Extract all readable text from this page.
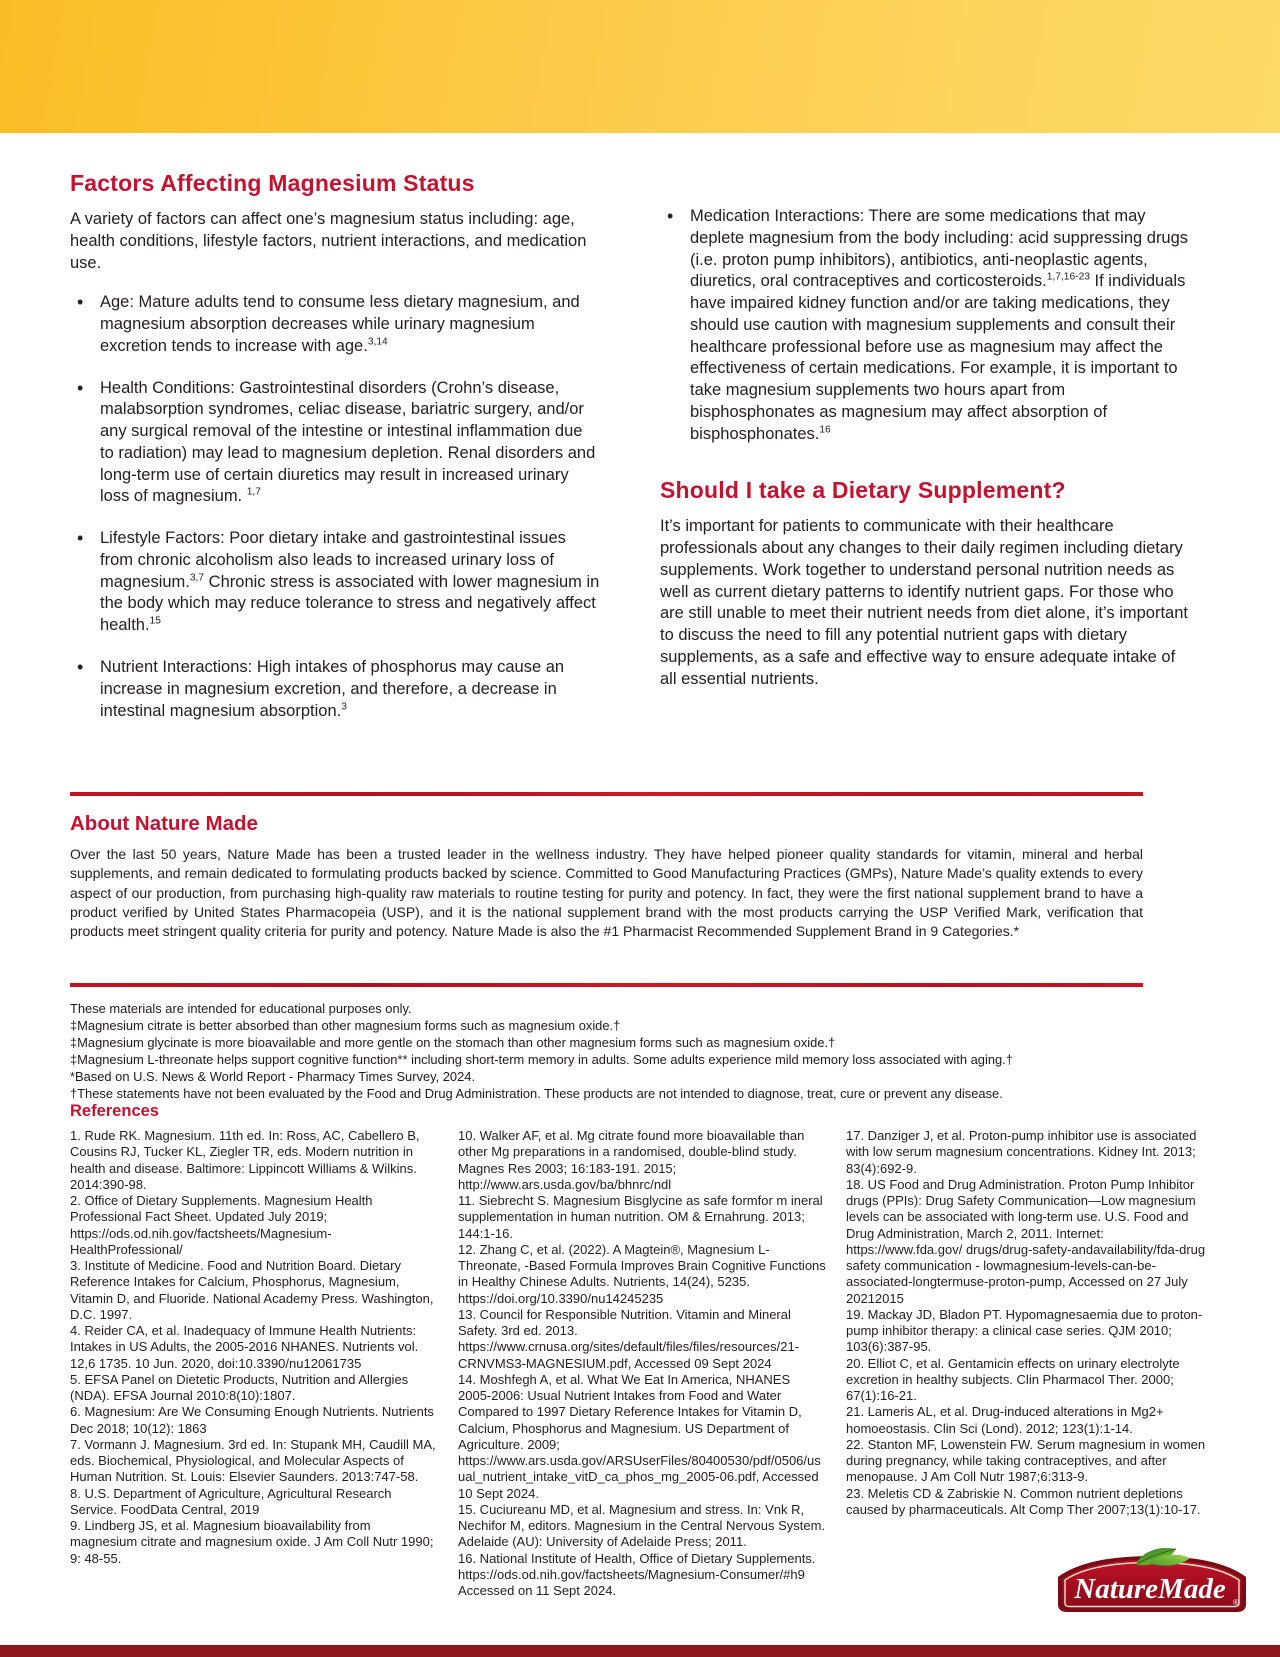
Factors Affecting Magnesium Status

A variety of factors can affect one’s magnesium status including: age, health conditions, lifestyle factors, nutrient interactions, and medication use.

• Age: Mature adults tend to consume less dietary magnesium, and magnesium absorption decreases while urinary magnesium excretion tends to increase with age.$^{3,14}$
• Health Conditions: Gastrointestinal disorders (Crohn’s disease, malabsorption syndromes, celiac disease, bariatric surgery, and/or any surgical removal of the intestine or intestinal inflammation due to radiation) may lead to magnesium depletion. Renal disorders and long-term use of certain diuretics may result in increased urinary loss of magnesium. $^{1,7}$
• Lifestyle Factors: Poor dietary intake and gastrointestinal issues from chronic alcoholism also leads to increased urinary loss of magnesium.$^{3,7}$ Chronic stress is associated with lower magnesium in the body which may reduce tolerance to stress and negatively affect health.$^{15}$
• Nutrient Interactions: High intakes of phosphorus may cause an increase in magnesium excretion, and therefore, a decrease in intestinal magnesium absorption.$^3$
• Medication Interactions: There are some medications that may deplete magnesium from the body including: acid suppressing drugs (i.e. proton pump inhibitors), antibiotics, anti-neoplastic agents, diuretics, oral contraceptives and corticosteroids.$^{1,7,16-23}$ If individuals have impaired kidney function and/or are taking medications, they should use caution with magnesium supplements and consult their healthcare professional before use as magnesium may affect the effectiveness of certain medications. For example, it is important to take magnesium supplements two hours apart from bisphosphonates as magnesium may affect absorption of bisphosphonates.$^{16}$
Should I take a Dietary Supplement?

It’s important for patients to communicate with their healthcare professionals about any changes to their daily regimen including dietary supplements. Work together to understand personal nutrition needs as well as current dietary patterns to identify nutrient gaps. For those who are still unable to meet their nutrient needs from diet alone, it’s important to discuss the need to fill any potential nutrient gaps with dietary supplements, as a safe and effective way to ensure adequate intake of all essential nutrients.

About Nature Made

Over the last 50 years, Nature Made has been a trusted leader in the wellness industry. They have helped pioneer quality standards for vitamin, mineral and herbal supplements, and remain dedicated to formulating products backed by science. Committed to Good Manufacturing Practices (GMPs), Nature Made’s quality extends to every aspect of our production, from purchasing high-quality raw materials to routine testing for purity and potency. In fact, they were the first national supplement brand to have a product verified by United States Pharmacopeia (USP), and it is the national supplement brand with the most products carrying the USP Verified Mark, verification that products meet stringent quality criteria for purity and potency. Nature Made is also the #1 Pharmacist Recommended Supplement Brand in 9 Categories.*

These materials are intended for educational purposes only.

‡Magnesium citrate is better absorbed than other magnesium forms such as magnesium oxide.†

‡Magnesium glycinate is more bioavailable and more gentle on the stomach than other magnesium forms such as magnesium oxide.†

‡Magnesium L-threonate helps support cognitive function** including short-term memory in adults. Some adults experience mild memory loss associated with aging.†

*Based on U.S. News & World Report - Pharmacy Times Survey, 2024.

†These statements have not been evaluated by the Food and Drug Administration. These products are not intended to diagnose, treat, cure or prevent any disease.

References

1. Rude RK. Magnesium. 11th ed. In: Ross, AC, Cabellero B, Cousins RJ, Tucker KL, Ziegler TR, eds. Modern nutrition in health and disease. Baltimore: Lippincott Williams & Wilkins. 2014:390-98.

2. Office of Dietary Supplements. Magnesium Health Professional Fact Sheet. Updated July 2019; https://ods.od.nih.gov/factsheets/Magnesium-HealthProfessional/

3. Institute of Medicine. Food and Nutrition Board. Dietary Reference Intakes for Calcium, Phosphorus, Magnesium, Vitamin D, and Fluoride. National Academy Press. Washington, D.C. 1997.

4. Reider CA, et al. Inadequacy of Immune Health Nutrients: Intakes in US Adults, the 2005-2016 NHANES. Nutrients vol. 12,6 1735. 10 Jun. 2020, doi:10.3390/nu12061735

5. EFSA Panel on Dietetic Products, Nutrition and Allergies (NDA). EFSA Journal 2010:8(10):1807.

6. Magnesium: Are We Consuming Enough Nutrients. Nutrients Dec 2018; 10(12): 1863

7. Vormann J. Magnesium. 3rd ed. In: Stupank MH, Caudill MA, eds. Biochemical, Physiological, and Molecular Aspects of Human Nutrition. St. Louis: Elsevier Saunders. 2013:747-58.

8. U.S. Department of Agriculture, Agricultural Research Service. FoodData Central, 2019

9. Lindberg JS, et al. Magnesium bioavailability from magnesium citrate and magnesium oxide. J Am Coll Nutr 1990; 9: 48-55.

10. Walker AF, et al. Mg citrate found more bioavailable than other Mg preparations in a randomised, double-blind study. Magnes Res 2003; 16:183-191. 2015; http://www.ars.usda.gov/ba/bhnrc/ndl

11. Siebrecht S. Magnesium Bisglycine as safe formfor m ineral supplementation in human nutrition. OM & Ernahrung. 2013; 144:1-16.

12. Zhang C, et al. (2022). A Magtein®, Magnesium L-Threonate, -Based Formula Improves Brain Cognitive Functions in Healthy Chinese Adults. Nutrients, 14(24), 5235. https://doi.org/10.3390/nu14245235

13. Council for Responsible Nutrition. Vitamin and Mineral Safety. 3rd ed. 2013. https://www.crnusa.org/sites/default/files/files/resources/21-CRNVMS3-MAGNESIUM.pdf, Accessed 09 Sept 2024

14. Moshfegh A, et al. What We Eat In America, NHANES 2005-2006: Usual Nutrient Intakes from Food and Water Compared to 1997 Dietary Reference Intakes for Vitamin D, Calcium, Phosphorus and Magnesium. US Department of Agriculture. 2009; https://www.ars.usda.gov/ARSUserFiles/80400530/pdf/0506/usual_nutrient_intake_vitD_ca_phos_mg_2005-06.pdf, Accessed 10 Sept 2024.

15. Cuciureanu MD, et al. Magnesium and stress. In: Vnk R, Nechifor M, editors. Magnesium in the Central Nervous System. Adelaide (AU): University of Adelaide Press; 2011.

16. National Institute of Health, Office of Dietary Supplements. https://ods.od.nih.gov/factsheets/Magnesium-Consumer/#h9 Accessed on 11 Sept 2024.

17. Danziger J, et al. Proton-pump inhibitor use is associated with low serum magnesium concentrations. Kidney Int. 2013; 83(4):692-9.

18. US Food and Drug Administration. Proton Pump Inhibitor drugs (PPIs): Drug Safety Communication—Low magnesium levels can be associated with long-term use. U.S. Food and Drug Administration, March 2, 2011. Internet: https://www.fda.gov/ drugs/drug-safety-andavailability/fda-drug safety communication - lowmagnesium-levels-can-be-associated-longtermuse-proton-pump, Accessed on 27 July 20212015

19. Mackay JD, Bladon PT. Hypomagnesaemia due to proton-pump inhibitor therapy: a clinical case series. QJM 2010; 103(6):387-95.

20. Elliot C, et al. Gentamicin effects on urinary electrolyte excretion in healthy subjects. Clin Pharmacol Ther. 2000; 67(1):16-21.

21. Lameris AL, et al. Drug-induced alterations in Mg2+ homoeostasis. Clin Sci (Lond). 2012; 123(1):1-14.

22. Stanton MF, Lowenstein FW. Serum magnesium in women during pregnancy, while taking contraceptives, and after menopause. J Am Coll Nutr 1987;6:313-9.

23. Meletis CD & Zabriskie N. Common nutrient depletions caused by pharmaceuticals. Alt Comp Ther 2007;13(1):10-17.

NatureMade ®
